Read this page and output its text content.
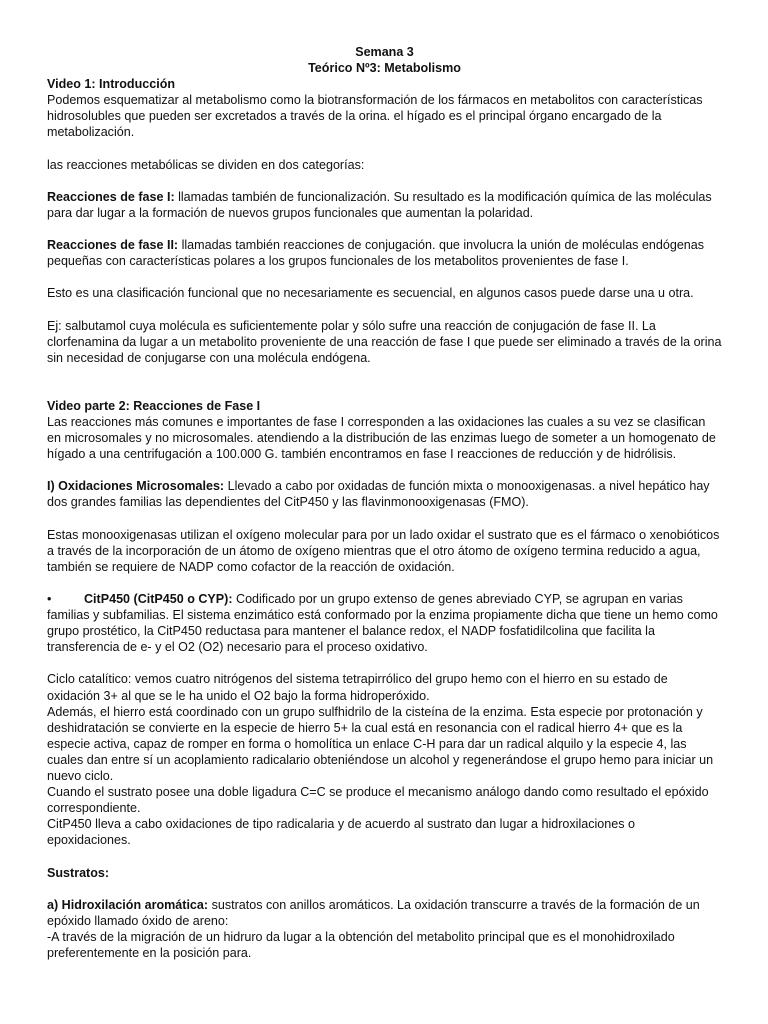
Semana 3

Teórico Nº3: Metabolismo

Video 1: Introducción

Podemos esquematizar al metabolismo como la biotransformación de los fármacos en metabolitos con características hidrosolubles que pueden ser excretados a través de la orina. el hígado es el principal órgano encargado de la metabolización.

las reacciones metabólicas se dividen en dos categorías:

Reacciones de fase I: llamadas también de funcionalización. Su resultado es la modificación química de las moléculas para dar lugar a la formación de nuevos grupos funcionales que aumentan la polaridad.

Reacciones de fase II: llamadas también reacciones de conjugación. que involucra la unión de moléculas endógenas pequeñas con características polares a los grupos funcionales de los metabolitos provenientes de fase I.

Esto es una clasificación funcional que no necesariamente es secuencial, en algunos casos puede darse una u otra.

Ej: salbutamol cuya molécula es suficientemente polar y sólo sufre una reacción de conjugación de fase II. La clorfenamina da lugar a un metabolito proveniente de una reacción de fase I que puede ser eliminado a través de la orina sin necesidad de conjugarse con una molécula endógena.

Video parte 2: Reacciones de Fase I

Las reacciones más comunes e importantes de fase I corresponden a las oxidaciones las cuales a su vez se clasifican en microsomales y no microsomales. atendiendo a la distribución de las enzimas luego de someter a un homogenato de hígado a una centrifugación a 100.000 G. también encontramos en fase I reacciones de reducción y de hidrólisis.

I) Oxidaciones Microsomales: Llevado a cabo por oxidadas de función mixta o monooxigenasas. a nivel hepático hay dos grandes familias las dependientes del CitP450 y las flavinmonooxigenasas (FMO).

Estas monooxigenasas utilizan el oxígeno molecular para por un lado oxidar el sustrato que es el fármaco o xenobióticos a través de la incorporación de un átomo de oxígeno mientras que el otro átomo de oxígeno termina reducido a agua, también se requiere de NADP como cofactor de la reacción de oxidación.

•	CitP450 (CitP450 o CYP): Codificado por un grupo extenso de genes abreviado CYP, se agrupan en varias familias y subfamilias. El sistema enzimático está conformado por la enzima propiamente dicha que tiene un hemo como grupo prostético, la CitP450 reductasa para mantener el balance redox, el NADP fosfatidilcolina que facilita la transferencia de e- y el O2 (O2) necesario para el proceso oxidativo.

Ciclo catalítico: vemos cuatro nitrógenos del sistema tetrapirrólico del grupo hemo con el hierro en su estado de oxidación 3+ al que se le ha unido el O2 bajo la forma hidroperóxido.

Además, el hierro está coordinado con un grupo sulfhidrilo de la cisteína de la enzima. Esta especie por protonación y deshidratación se convierte en la especie de hierro 5+ la cual está en resonancia con el radical hierro 4+ que es la especie activa, capaz de romper en forma o homolítica un enlace C-H para dar un radical alquilo y la especie 4, las cuales dan entre sí un acoplamiento radicalario obteniéndose un alcohol y regenerándose el grupo hemo para iniciar un nuevo ciclo.

Cuando el sustrato posee una doble ligadura C=C se produce el mecanismo análogo dando como resultado el epóxido correspondiente.

CitP450 lleva a cabo oxidaciones de tipo radicalaria y de acuerdo al sustrato dan lugar a hidroxilaciones o epoxidaciones.

Sustratos:

a) Hidroxilación aromática: sustratos con anillos aromáticos. La oxidación transcurre a través de la formación de un epóxido llamado óxido de areno:

-A través de la migración de un hidruro da lugar a la obtención del metabolito principal que es el monohidroxilado preferentemente en la posición para.
